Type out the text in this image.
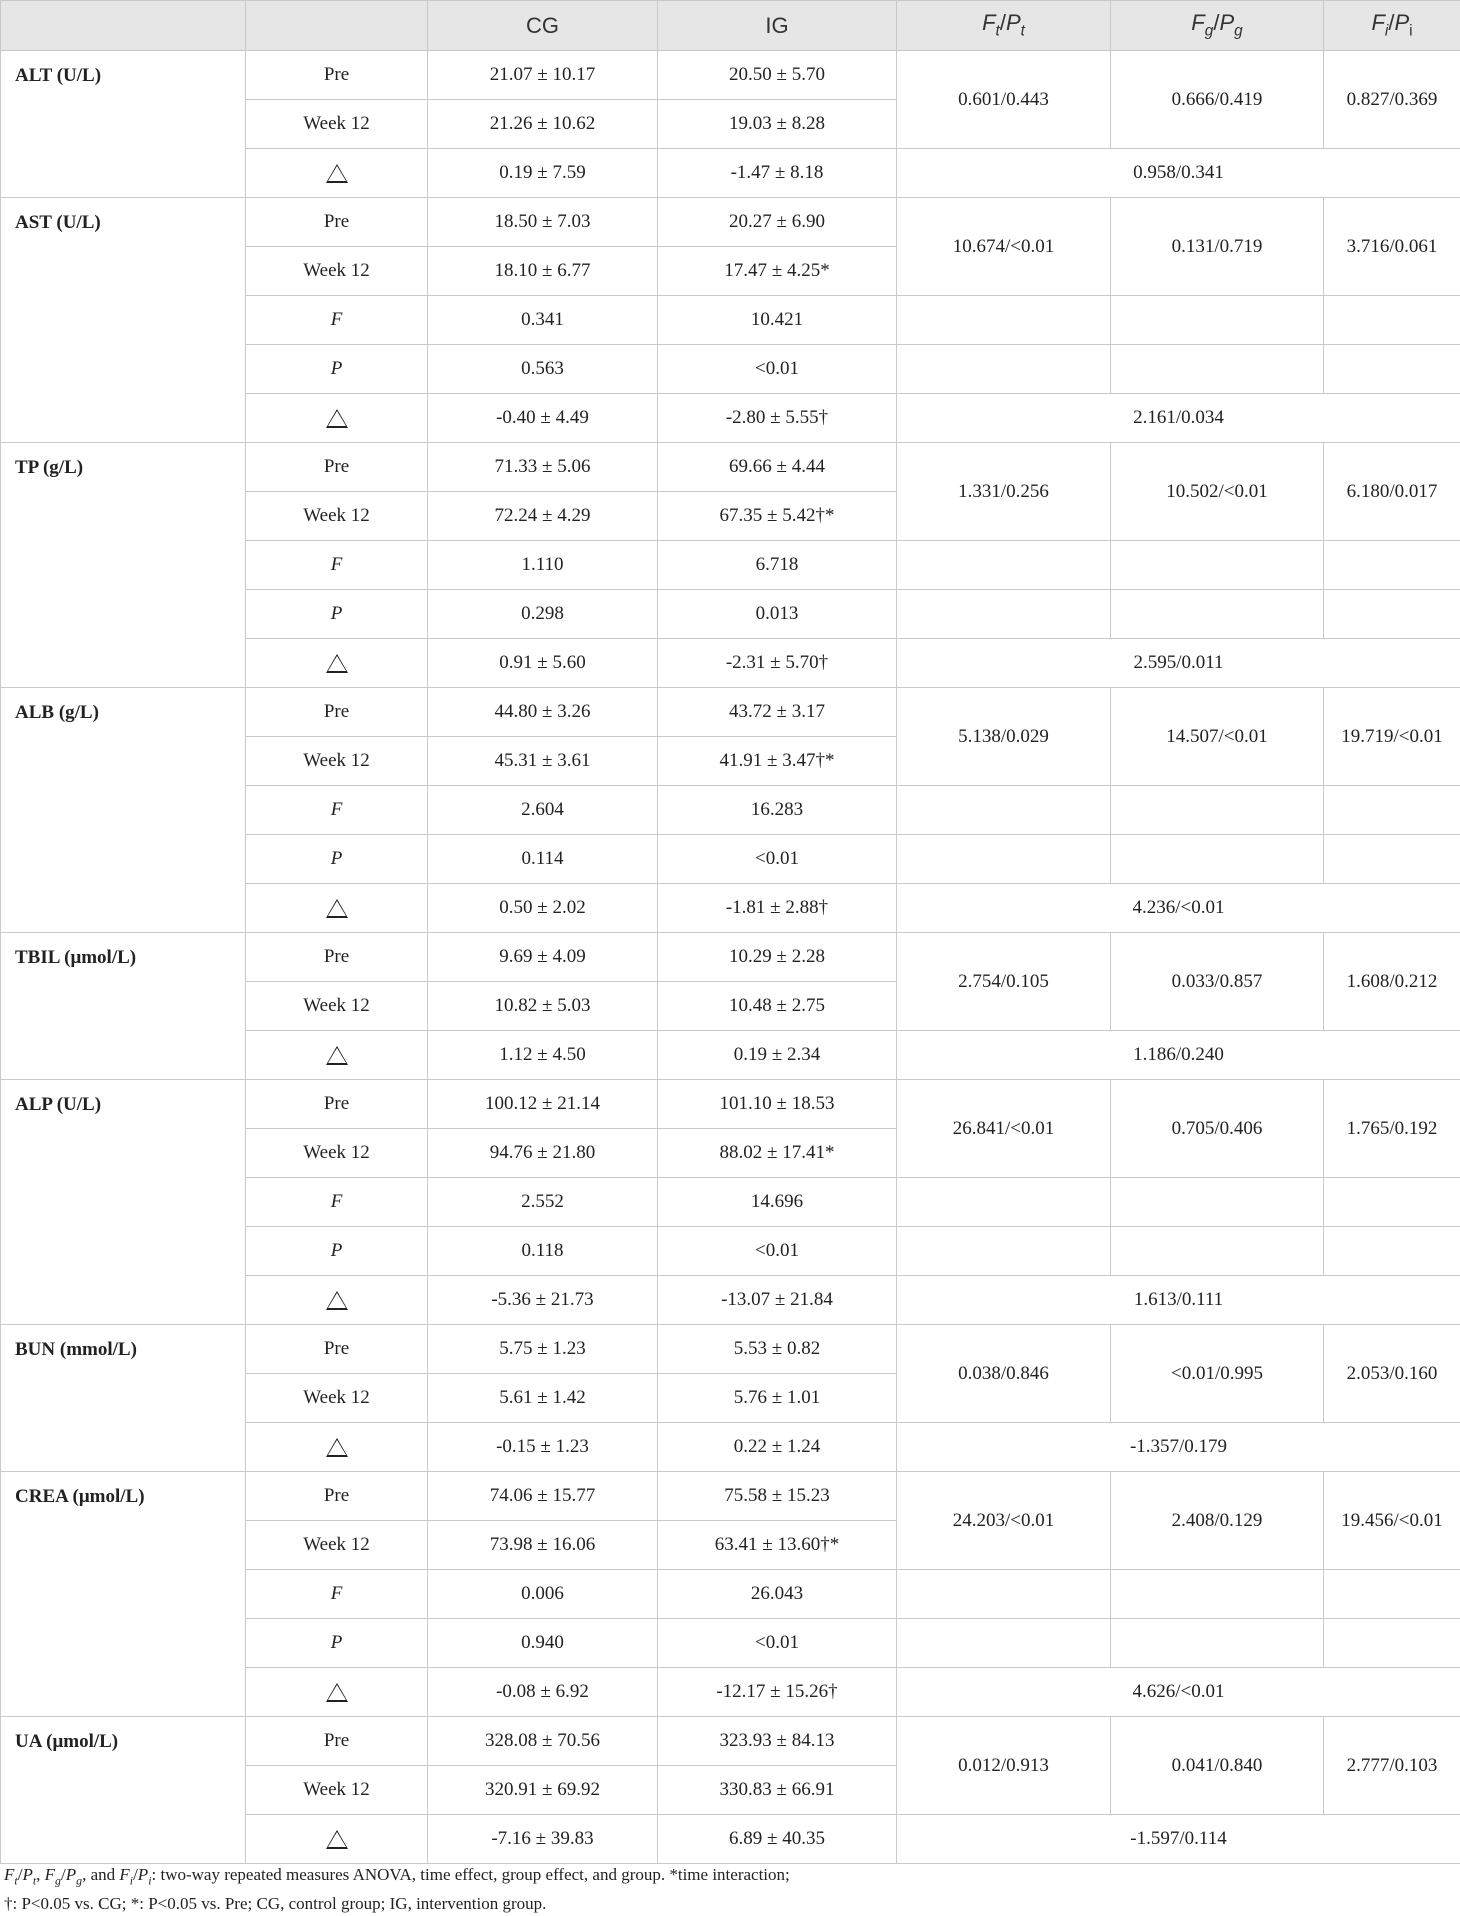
		CG	IG	$F_t/P_t$	$F_g/P_g$	$F_i/P_i$
ALT (U/L)	Pre	21.07 ± 10.17	20.50 ± 5.70	0.601/0.443	0.666/0.419	0.827/0.369
	Week 12	21.26 ± 10.62	19.03 ± 8.28			
		0.19 ± 7.59	-1.47 ± 8.18	0.958/0.341		
AST (U/L)	Pre	18.50 ± 7.03	20.27 ± 6.90	10.674/<0.01	0.131/0.719	3.716/0.061
	Week 12	18.10 ± 6.77	17.47 ± 4.25*			
	F	0.341	10.421			
	P	0.563	<0.01			
		-0.40 ± 4.49	-2.80 ± 5.55†	2.161/0.034		
TP (g/L)	Pre	71.33 ± 5.06	69.66 ± 4.44	1.331/0.256	10.502/<0.01	6.180/0.017
	Week 12	72.24 ± 4.29	67.35 ± 5.42†*			
	F	1.110	6.718			
	P	0.298	0.013			
		0.91 ± 5.60	-2.31 ± 5.70†	2.595/0.011		
ALB (g/L)	Pre	44.80 ± 3.26	43.72 ± 3.17	5.138/0.029	14.507/<0.01	19.719/<0.01
	Week 12	45.31 ± 3.61	41.91 ± 3.47†*			
	F	2.604	16.283			
	P	0.114	<0.01			
		0.50 ± 2.02	-1.81 ± 2.88†	4.236/<0.01		
TBIL (μmol/L)	Pre	9.69 ± 4.09	10.29 ± 2.28	2.754/0.105	0.033/0.857	1.608/0.212
	Week 12	10.82 ± 5.03	10.48 ± 2.75			
		1.12 ± 4.50	0.19 ± 2.34	1.186/0.240		
ALP (U/L)	Pre	100.12 ± 21.14	101.10 ± 18.53	26.841/<0.01	0.705/0.406	1.765/0.192
	Week 12	94.76 ± 21.80	88.02 ± 17.41*			
	F	2.552	14.696			
	P	0.118	<0.01			
		-5.36 ± 21.73	-13.07 ± 21.84	1.613/0.111		
BUN (mmol/L)	Pre	5.75 ± 1.23	5.53 ± 0.82	0.038/0.846	<0.01/0.995	2.053/0.160
	Week 12	5.61 ± 1.42	5.76 ± 1.01			
		-0.15 ± 1.23	0.22 ± 1.24	-1.357/0.179		
CREA (μmol/L)	Pre	74.06 ± 15.77	75.58 ± 15.23	24.203/<0.01	2.408/0.129	19.456/<0.01
	Week 12	73.98 ± 16.06	63.41 ± 13.60†*			
	F	0.006	26.043			
	P	0.940	<0.01			
		-0.08 ± 6.92	-12.17 ± 15.26†	4.626/<0.01		
UA (μmol/L)	Pre	328.08 ± 70.56	323.93 ± 84.13	0.012/0.913	0.041/0.840	2.777/0.103
	Week 12	320.91 ± 69.92	330.83 ± 66.91			
		-7.16 ± 39.83	6.89 ± 40.35	-1.597/0.114		
$F_t/P_t$, $F_g/P_g$, and $F_i/P_i$: two-way repeated measures ANOVA, time effect, group effect, and group. *time interaction;
†: P<0.05 vs. CG; *: P<0.05 vs. Pre; CG, control group; IG, intervention group.
